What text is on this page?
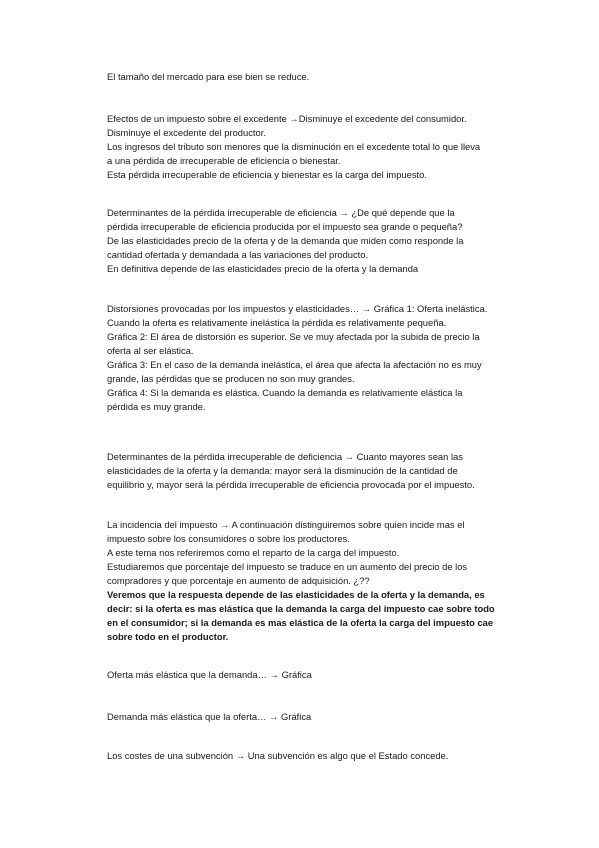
El tamaño del mercado para ese bien se reduce.
Efectos de un impuesto sobre el excedente →Disminuye el excedente del consumidor.
Disminuye el excedente del productor.
Los ingresos del tributo son menores que la disminución en el excedente total lo que lleva
a una pérdida de irrecuperable de eficiencia o bienestar.
Esta pérdida irrecuperable de eficiencia y bienestar es la carga del impuesto.
Determinantes de la pérdida irrecuperable de eficiencia → ¿De qué depende que la
pérdida irrecuperable de eficiencia producida por el impuesto sea grande o pequeña?
De las elasticidades precio de la oferta y de la demanda que miden como responde la
cantidad ofertada y demandada a las variaciones del producto.
En definitiva depende de las elasticidades precio de la oferta y la demanda
Distorsiones provocadas por los impuestos y elasticidades… → Gráfica 1: Oferta inelástica.
Cuando la oferta es relativamente inelástica la pérdida es relativamente pequeña.
Gráfica 2: El área de distorsión es superior. Se ve muy afectada por la subida de precio la
oferta al ser elástica.
Gráfica 3: En el caso de la demanda inelástica, el área que afecta la afectación no es muy
grande, las pérdidas que se producen no son muy grandes.
Gráfica 4: Si la demanda es elástica. Cuando la demanda es relativamente elástica la
pérdida es muy grande.
Determinantes de la pérdida irrecuperable de deficiencia → Cuanto mayores sean las
elasticidades de la oferta y la demanda: mayor será la disminución de la cantidad de
equilibrio y, mayor será la pérdida irrecuperable de eficiencia provocada por el impuesto.
La incidencia del impuesto → A continuación distinguiremos sobre quien incide mas el
impuesto sobre los consumidores o sobre los productores.
A este tema nos referiremos como el reparto de la carga del impuesto.
Estudiaremos que porcentaje del impuesto se traduce en un aumento del precio de los
compradores y que porcentaje en aumento de adquisición. ¿??
Veremos que la respuesta depende de las elasticidades de la oferta y la demanda, es
decir: si la oferta es mas elástica que la demanda la carga del impuesto cae sobre todo
en el consumidor; si la demanda es mas elástica de la oferta la carga del impuesto cae
sobre todo en el productor.
Oferta más elástica que la demanda… → Gráfica
Demanda más elástica que la oferta… → Gráfica
Los costes de una subvención → Una subvención es algo que el Estado concede.
